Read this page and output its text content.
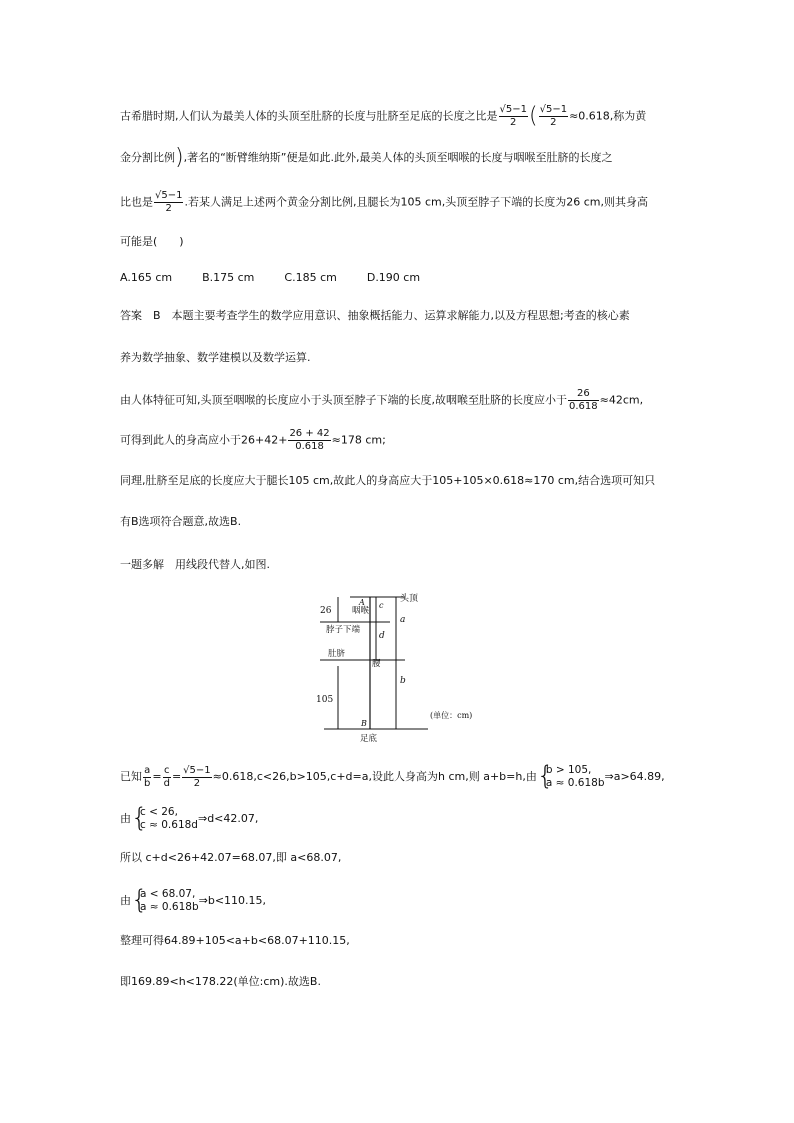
古希腊时期,人们认为最美人体的头顶至肚脐的长度与肚脐至足底的长度之比是 $\frac{√5-1}{2}$ ( $\frac{√5-1}{2} \approx 0.618$,称为黄
金分割比例),著名的“断臂维纳斯”便是如此.此外,最美人体的头顶至咽喉的长度与咽喉至肚脐的长度之
比也是 $\frac{√5-1}{2}$ .若某人满足上述两个黄金分割比例,且腿长为105 cm,头顶至脖子下端的长度为26 cm,则其身高
可能是(　　)
A.165 cm	B.175 cm	C.185 cm	D.190 cm
答案　B　本题主要考查学生的数学应用意识、抽象概括能力、运算求解能力,以及方程思想;考查的核心素
养为数学抽象、数学建模以及数学运算.
由人体特征可知,头顶至咽喉的长度应小于头顶至脖子下端的长度,故咽喉至肚脐的长度应小于 $\frac{26}{0.618} \approx 42cm$,
可得到此人的身高应小于$26+42+ \frac{26 + 42}{0.618} \approx 178$ cm;
同理,肚脐至足底的长度应大于腿长105 cm,故此人的身高应大于105+105×0.618≈170 cm,结合选项可知只
有B选项符合题意,故选B.
一题多解　用线段代替人,如图.
头顶
咽喉
脖子下端
肚脐
腰
足底
(单位：cm)
26
105
A
B
a
b
c
d
已知 $\frac{a}{b} = \frac{c}{d} = \frac{√5-1}{2} \approx 0.618,c<26,b>105,c+d=a$,设此人身高为h cm,则 a+b=h,由 {
b > 105,
a ≈ 0.618b ⇒a>64.89,
由 {
c < 26,
c ≈ 0.618d ⇒d<42.07,
所以 c+d<26+42.07=68.07,即 a<68.07,
由 {
a < 68.07,
a ≈ 0.618b ⇒b<110.15,
整理可得64.89+105<a+b<68.07+110.15,
即169.89<h<178.22(单位:cm).故选B.
